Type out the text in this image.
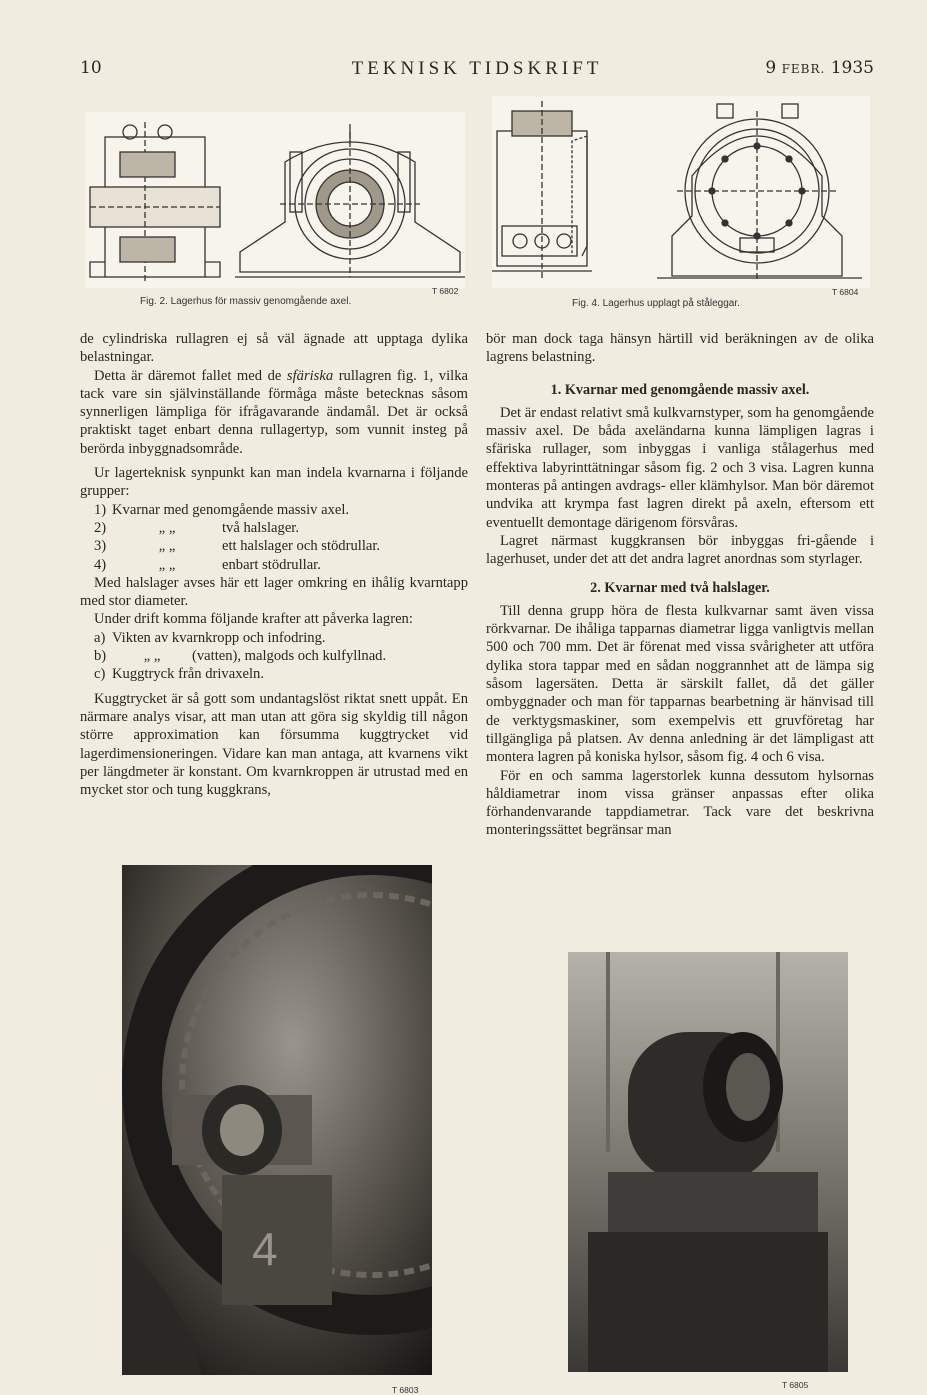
10	TEKNISK TIDSKRIFT	9 FEBR. 1935
Fig. 2. Lagerhus för massiv genomgående axel.
T 6802
Fig. 4. Lagerhus upplagt på ståleggar.
T 6804

de cylindriska rullagren ej så väl ägnade att upptaga dylika belastningar.

Detta är däremot fallet med de sfäriska rullagren fig. 1, vilka tack vare sin självinställande förmåga måste betecknas såsom synnerligen lämpliga för ifrågavarande ändamål. Det är också praktiskt taget enbart denna rullagertyp, som vunnit insteg på berörda inbyggnadsområde.

Ur lagerteknisk synpunkt kan man indela kvarnarna i följande grupper:

1) Kvarnar med genomgående massiv axel.

2)	„ „	två halslager.

3)	„ „	ett halslager och stödrullar.

4)	„ „	enbart stödrullar.

Med halslager avses här ett lager omkring en ihålig kvarntapp med stor diameter.

Under drift komma följande krafter att påverka lagren:

a) Vikten av kvarnkropp och infodring.

b)	„ „ (vatten), malgods och kulfyllnad.

c) Kuggtryck från drivaxeln.

Kuggtrycket är så gott som undantagslöst riktat snett uppåt. En närmare analys visar, att man utan att göra sig skyldig till någon större approximation kan försumma kuggtrycket vid lagerdimensioneringen. Vidare kan man antaga, att kvarnens vikt per längdmeter är konstant. Om kvarnkroppen är utrustad med en mycket stor och tung kuggkrans,

bör man dock taga hänsyn härtill vid beräkningen av de olika lagrens belastning.

1. Kvarnar med genomgående massiv axel.

Det är endast relativt små kulkvarnstyper, som ha genomgående massiv axel. De båda axeländarna kunna lämpligen lagras i sfäriska rullager, som inbyggas i vanliga stålagerhus med effektiva labyrinttätningar såsom fig. 2 och 3 visa. Lagren kunna monteras på antingen avdrags- eller klämhylsor. Man bör däremot undvika att krympa fast lagren direkt på axeln, eftersom ett eventuellt demontage därigenom försvåras.

Lagret närmast kuggkransen bör inbyggas fri-gående i lagerhuset, under det att det andra lagret anordnas som styrlager.

2. Kvarnar med två halslager.

Till denna grupp höra de flesta kulkvarnar samt även vissa rörkvarnar. De ihåliga tapparnas diametrar ligga vanligtvis mellan 500 och 700 mm. Det är förenat med vissa svårigheter att utföra dylika stora tappar med en sådan noggrannhet att de lämpa sig såsom lagersäten. Detta är särskilt fallet, då det gäller ombyggnader och man för tapparnas bearbetning är hänvisad till de verktygsmaskiner, som exempelvis ett gruvföretag har tillgängliga på platsen. Av denna anledning är det lämpligast att montera lagren på koniska hylsor, såsom fig. 4 och 6 visa.

För en och samma lagerstorlek kunna dessutom hylsornas håldiametrar inom vissa gränser anpassas efter olika förhandenvarande tappdiametrar. Tack vare det beskrivna monteringssättet begränsar man

4
T 6803	T 6805
